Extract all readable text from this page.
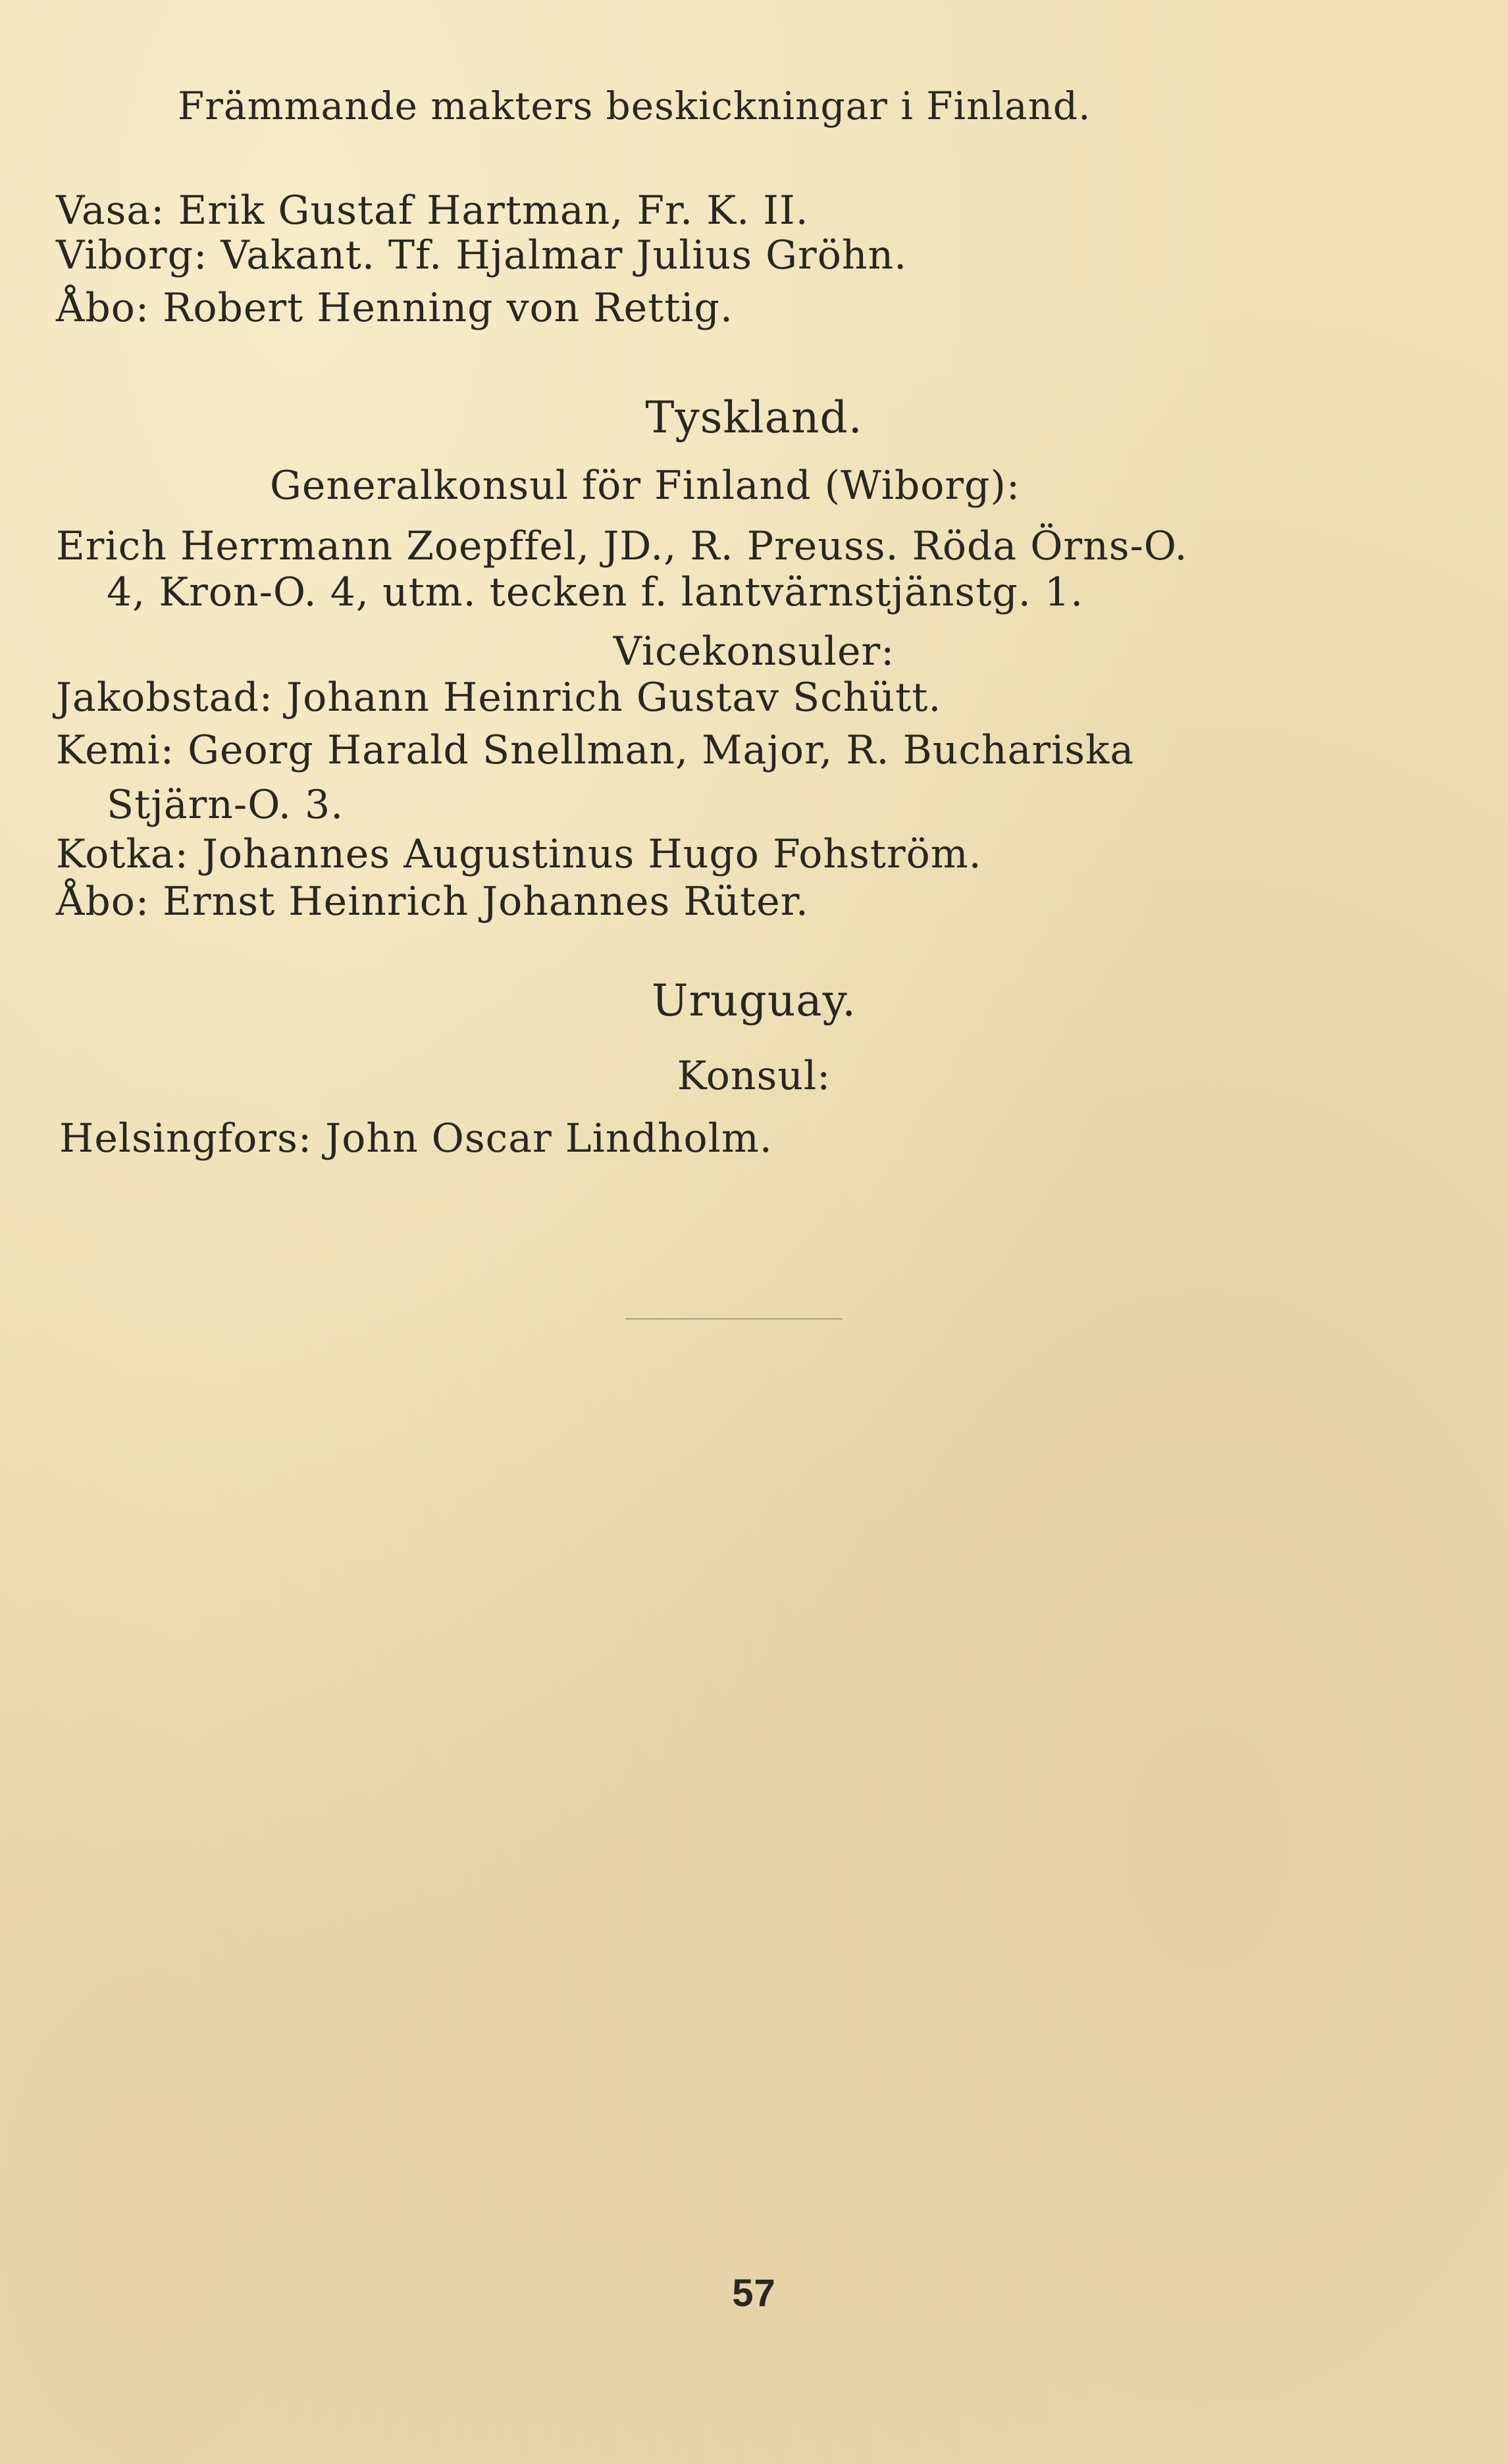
Främmande makters beskickningar i Finland.
Vasa: Erik Gustaf Hartman, Fr. K. II.
Viborg: Vakant. Tf. Hjalmar Julius Gröhn.
Åbo: Robert Henning von Rettig.
Tyskland.
Generalkonsul för Finland (Wiborg):
Erich Herrmann Zoepffel, JD., R. Preuss. Röda Örns-O.
4, Kron-O. 4, utm. tecken f. lantvärnstjänstg. 1.
Vicekonsuler:
Jakobstad: Johann Heinrich Gustav Schütt.
Kemi: Georg Harald Snellman, Major, R. Buchariska
Stjärn-O. 3.
Kotka: Johannes Augustinus Hugo Fohström.
Åbo: Ernst Heinrich Johannes Rüter.
Uruguay.
Konsul:
Helsingfors: John Oscar Lindholm.
57
